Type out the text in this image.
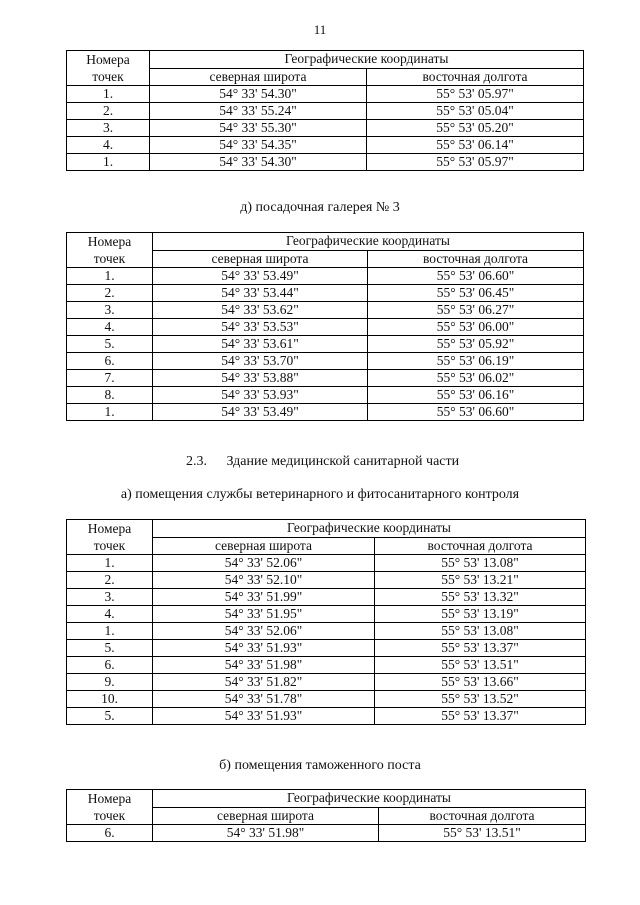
11
Номера
точек	Географические координаты	
	северная широта	восточная долгота
1.	54° 33' 54.30"	55° 53' 05.97"
2.	54° 33' 55.24"	55° 53' 05.04"
3.	54° 33' 55.30"	55° 53' 05.20"
4.	54° 33' 54.35"	55° 53' 06.14"
1.	54° 33' 54.30"	55° 53' 05.97"
д) посадочная галерея № 3
Номера
точек	Географические координаты	
	северная широта	восточная долгота
1.	54° 33' 53.49"	55° 53' 06.60"
2.	54° 33' 53.44"	55° 53' 06.45"
3.	54° 33' 53.62"	55° 53' 06.27"
4.	54° 33' 53.53"	55° 53' 06.00"
5.	54° 33' 53.61"	55° 53' 05.92"
6.	54° 33' 53.70"	55° 53' 06.19"
7.	54° 33' 53.88"	55° 53' 06.02"
8.	54° 33' 53.93"	55° 53' 06.16"
1.	54° 33' 53.49"	55° 53' 06.60"
2.3. Здание медицинской санитарной части
а) помещения службы ветеринарного и фитосанитарного контроля
Номера
точек	Географические координаты	
	северная широта	восточная долгота
1.	54° 33' 52.06"	55° 53' 13.08"
2.	54° 33' 52.10"	55° 53' 13.21"
3.	54° 33' 51.99"	55° 53' 13.32"
4.	54° 33' 51.95"	55° 53' 13.19"
1.	54° 33' 52.06"	55° 53' 13.08"
5.	54° 33' 51.93"	55° 53' 13.37"
6.	54° 33' 51.98"	55° 53' 13.51"
9.	54° 33' 51.82"	55° 53' 13.66"
10.	54° 33' 51.78"	55° 53' 13.52"
5.	54° 33' 51.93"	55° 53' 13.37"
б) помещения таможенного поста
Номера
точек	Географические координаты	
	северная широта	восточная долгота
6.	54° 33' 51.98"	55° 53' 13.51"
